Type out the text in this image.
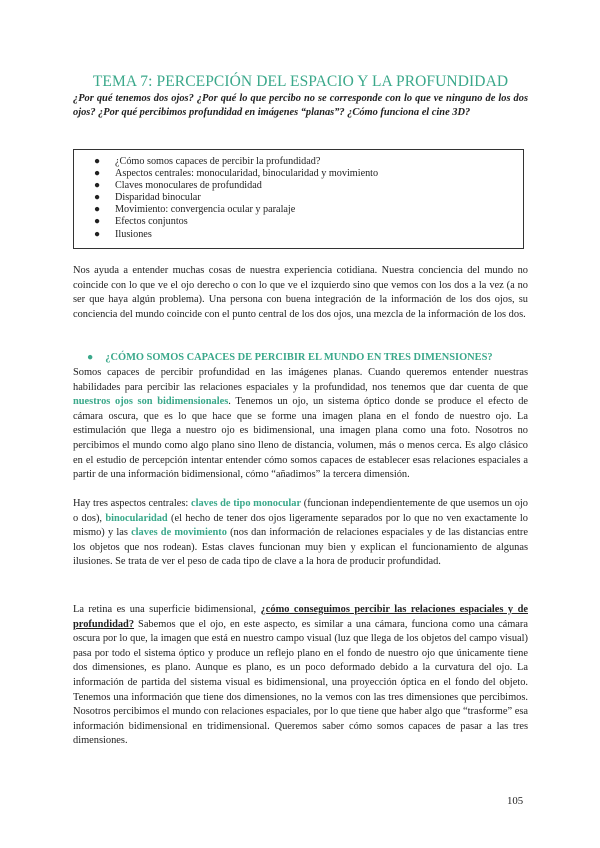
TEMA 7: PERCEPCIÓN DEL ESPACIO Y LA PROFUNDIDAD
¿Por qué tenemos dos ojos? ¿Por qué lo que percibo no se corresponde con lo que ve ninguno de los dos ojos? ¿Por qué percibimos profundidad en imágenes “planas”? ¿Cómo funciona el cine 3D?
● ¿Cómo somos capaces de percibir la profundidad?
● Aspectos centrales: monocularidad, binocularidad y movimiento
● Claves monoculares de profundidad
● Disparidad binocular
● Movimiento: convergencia ocular y paralaje
● Efectos conjuntos
● Ilusiones
Nos ayuda a entender muchas cosas de nuestra experiencia cotidiana. Nuestra conciencia del mundo no coincide con lo que ve el ojo derecho o con lo que ve el izquierdo sino que vemos con los dos a la vez (a no ser que haya algún problema). Una persona con buena integración de la información de los dos ojos, su conciencia del mundo coincide con el punto central de los dos ojos, una mezcla de la información de los dos.
● ¿CÓMO SOMOS CAPACES DE PERCIBIR EL MUNDO EN TRES DIMENSIONES?
Somos capaces de percibir profundidad en las imágenes planas. Cuando queremos entender nuestras habilidades para percibir las relaciones espaciales y la profundidad, nos tenemos que dar cuenta de que nuestros ojos son bidimensionales. Tenemos un ojo, un sistema óptico donde se produce el efecto de cámara oscura, que es lo que hace que se forme una imagen plana en el fondo de nuestro ojo. La estimulación que llega a nuestro ojo es bidimensional, una imagen plana como una foto. Nosotros no percibimos el mundo como algo plano sino lleno de distancia, volumen, más o menos cerca. Es algo clásico en el estudio de percepción intentar entender cómo somos capaces de establecer esas relaciones espaciales a partir de una información bidimensional, cómo “añadimos” la tercera dimensión.
Hay tres aspectos centrales: claves de tipo monocular (funcionan independientemente de que usemos un ojo o dos), binocularidad (el hecho de tener dos ojos ligeramente separados por lo que no ven exactamente lo mismo) y las claves de movimiento (nos dan información de relaciones espaciales y de las distancias entre los objetos que nos rodean). Estas claves funcionan muy bien y explican el funcionamiento de algunas ilusiones. Se trata de ver el peso de cada tipo de clave a la hora de producir profundidad.
La retina es una superficie bidimensional, ¿cómo conseguimos percibir las relaciones espaciales y de profundidad? Sabemos que el ojo, en este aspecto, es similar a una cámara, funciona como una cámara oscura por lo que, la imagen que está en nuestro campo visual (luz que llega de los objetos del campo visual) pasa por todo el sistema óptico y produce un reflejo plano en el fondo de nuestro ojo que únicamente tiene dos dimensiones, es plano. Aunque es plano, es un poco deformado debido a la curvatura del ojo. La información de partida del sistema visual es bidimensional, una proyección óptica en el fondo del objeto. Tenemos una información que tiene dos dimensiones, no la vemos con las tres dimensiones que percibimos. Nosotros percibimos el mundo con relaciones espaciales, por lo que tiene que haber algo que “trasforme” esa información bidimensional en tridimensional. Queremos saber cómo somos capaces de pasar a las tres dimensiones.
105
